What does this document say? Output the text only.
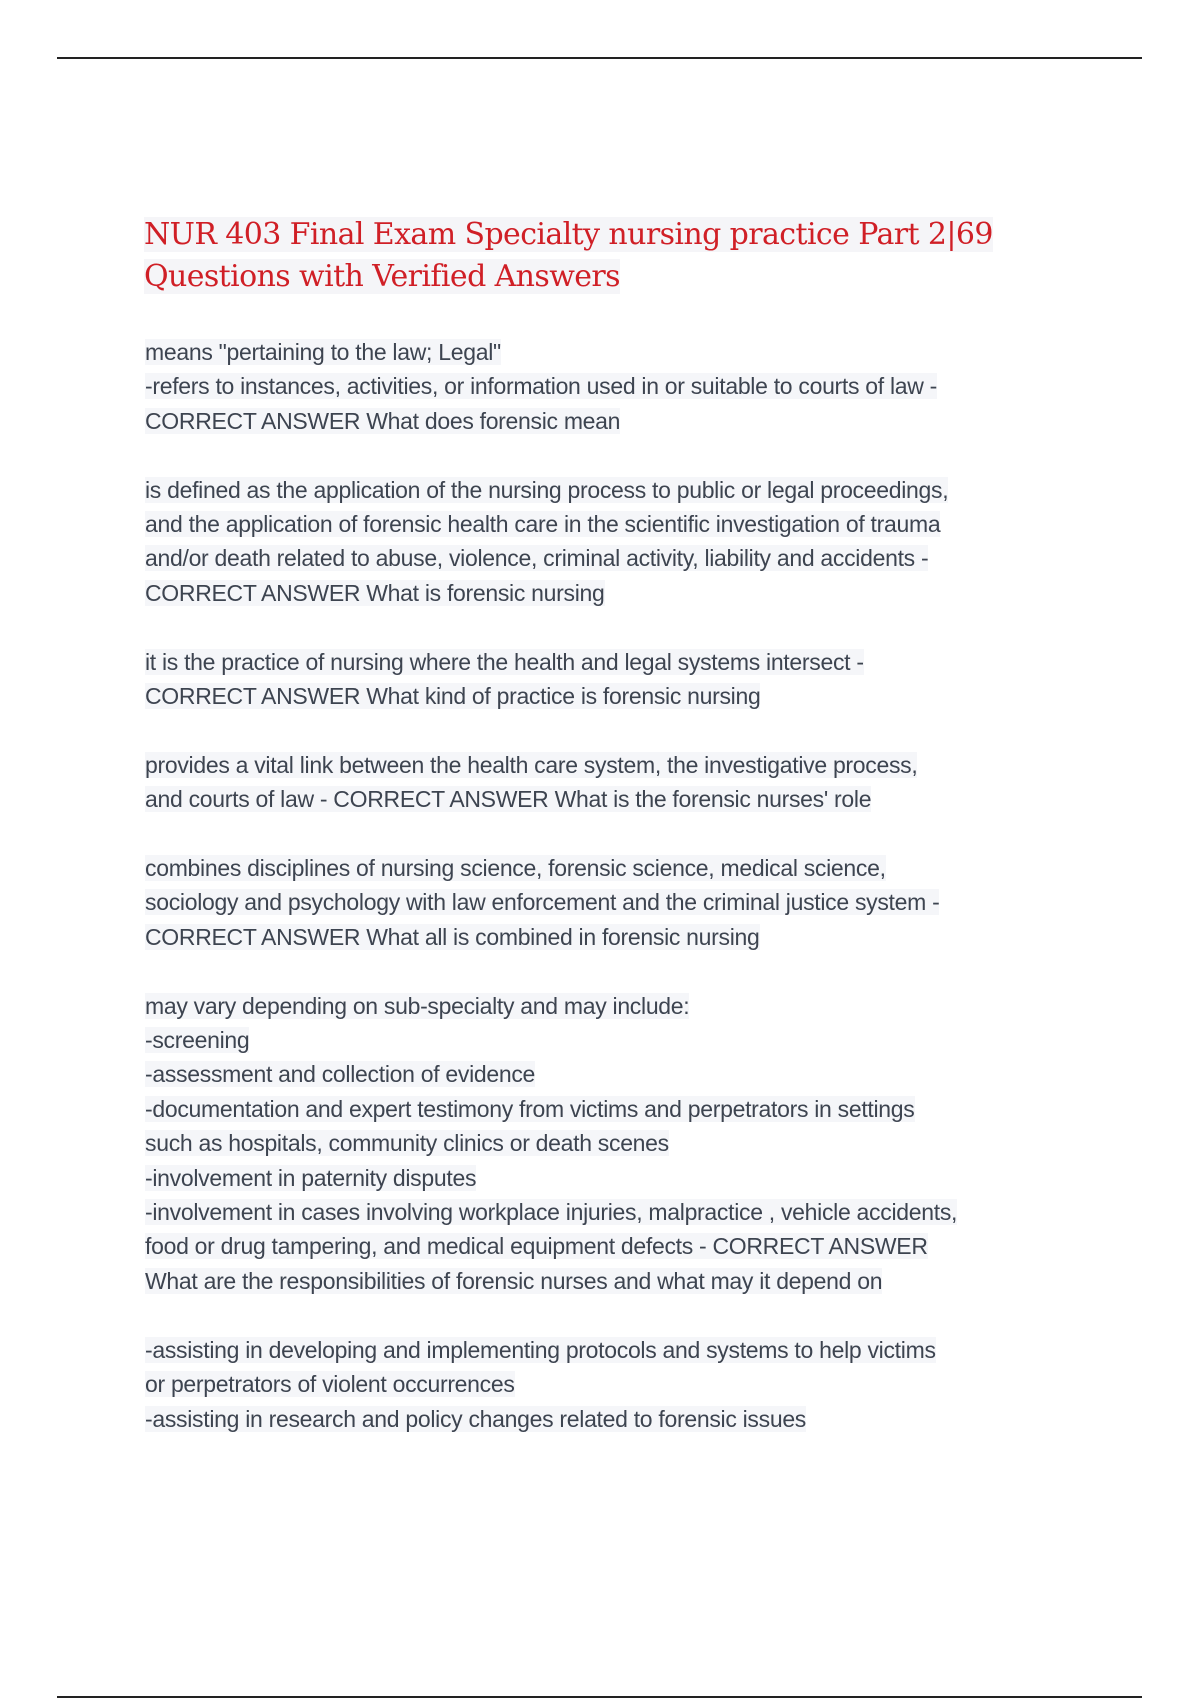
NUR 403 Final Exam Specialty nursing practice Part 2|69
Questions with Verified Answers
means "pertaining to the law; Legal"
-refers to instances, activities, or information used in or suitable to courts of law -
CORRECT ANSWER What does forensic mean
is defined as the application of the nursing process to public or legal proceedings,
and the application of forensic health care in the scientific investigation of trauma
and/or death related to abuse, violence, criminal activity, liability and accidents -
CORRECT ANSWER What is forensic nursing
it is the practice of nursing where the health and legal systems intersect -
CORRECT ANSWER What kind of practice is forensic nursing
provides a vital link between the health care system, the investigative process,
and courts of law - CORRECT ANSWER What is the forensic nurses' role
combines disciplines of nursing science, forensic science, medical science,
sociology and psychology with law enforcement and the criminal justice system -
CORRECT ANSWER What all is combined in forensic nursing
may vary depending on sub-specialty and may include:
-screening
-assessment and collection of evidence
-documentation and expert testimony from victims and perpetrators in settings
such as hospitals, community clinics or death scenes
-involvement in paternity disputes
-involvement in cases involving workplace injuries, malpractice , vehicle accidents,
food or drug tampering, and medical equipment defects - CORRECT ANSWER
What are the responsibilities of forensic nurses and what may it depend on
-assisting in developing and implementing protocols and systems to help victims
or perpetrators of violent occurrences
-assisting in research and policy changes related to forensic issues
